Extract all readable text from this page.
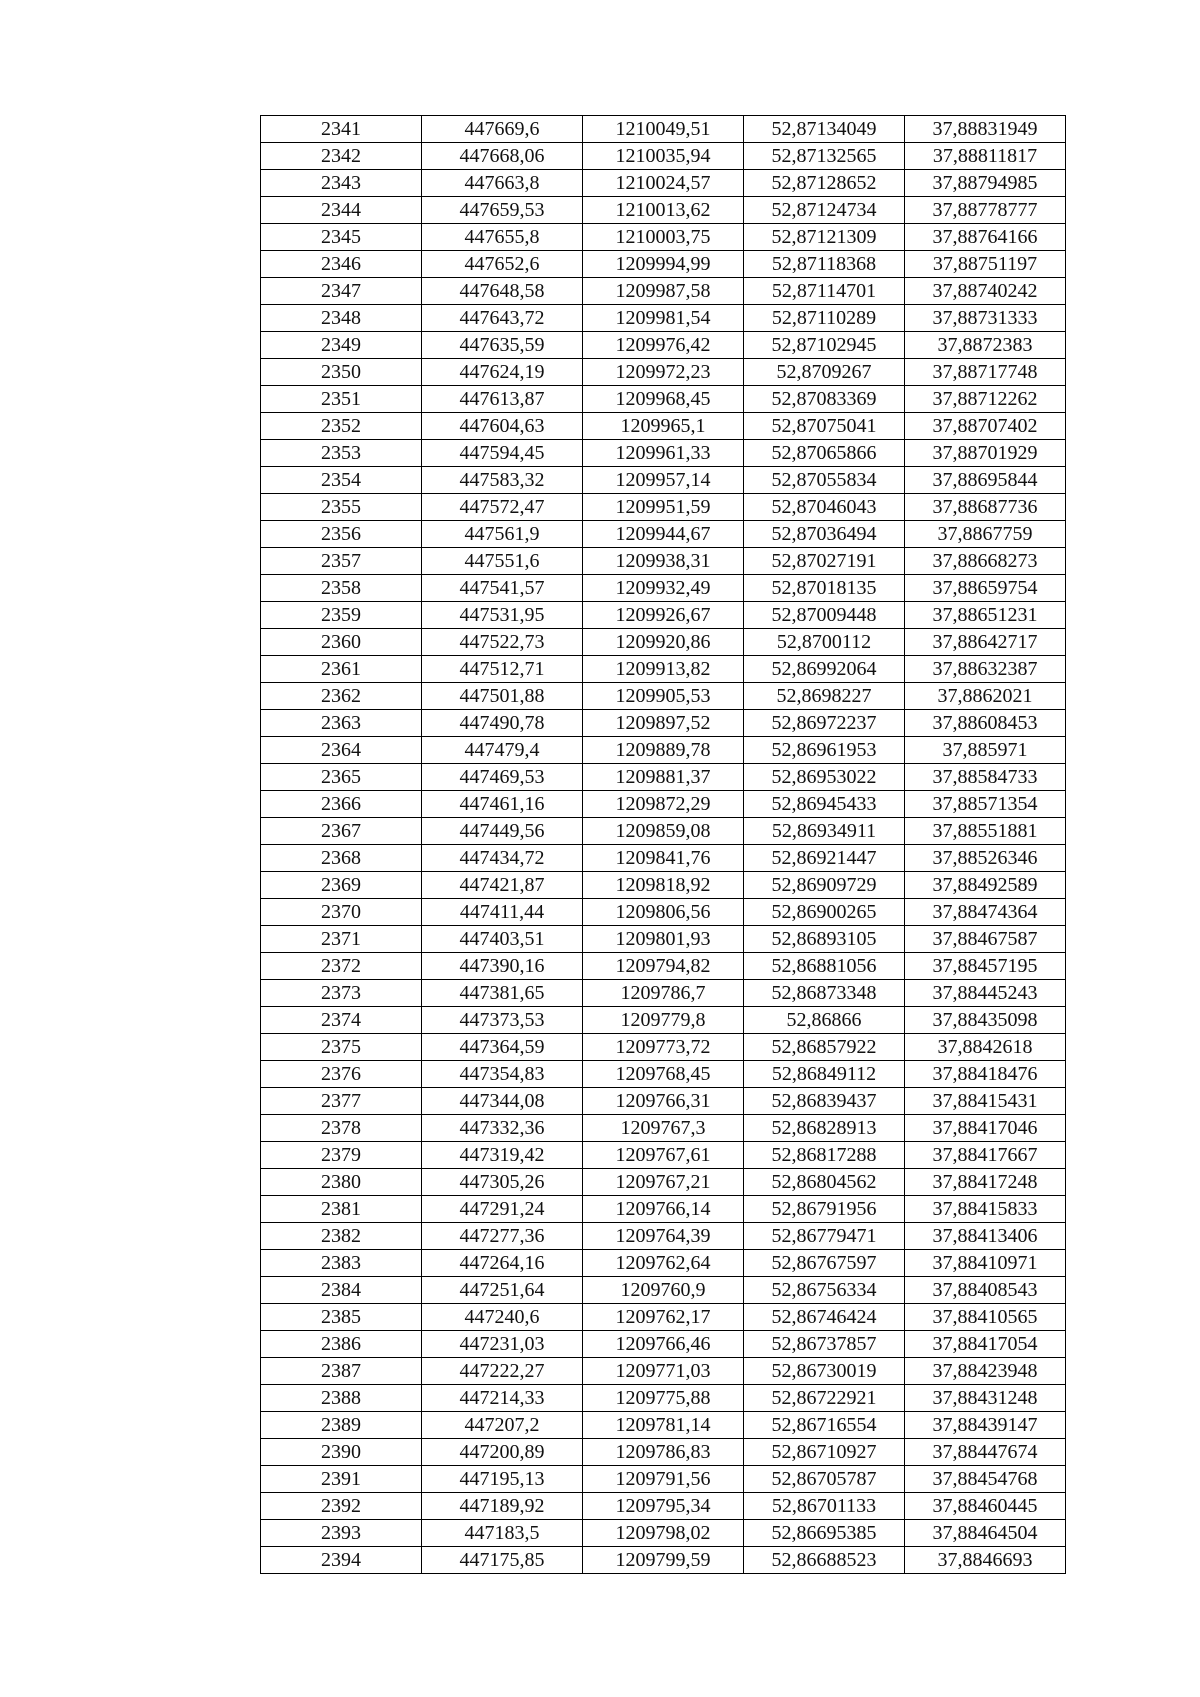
2341	447669,6	1210049,51	52,87134049	37,88831949
2342	447668,06	1210035,94	52,87132565	37,88811817
2343	447663,8	1210024,57	52,87128652	37,88794985
2344	447659,53	1210013,62	52,87124734	37,88778777
2345	447655,8	1210003,75	52,87121309	37,88764166
2346	447652,6	1209994,99	52,87118368	37,88751197
2347	447648,58	1209987,58	52,87114701	37,88740242
2348	447643,72	1209981,54	52,87110289	37,88731333
2349	447635,59	1209976,42	52,87102945	37,8872383
2350	447624,19	1209972,23	52,8709267	37,88717748
2351	447613,87	1209968,45	52,87083369	37,88712262
2352	447604,63	1209965,1	52,87075041	37,88707402
2353	447594,45	1209961,33	52,87065866	37,88701929
2354	447583,32	1209957,14	52,87055834	37,88695844
2355	447572,47	1209951,59	52,87046043	37,88687736
2356	447561,9	1209944,67	52,87036494	37,8867759
2357	447551,6	1209938,31	52,87027191	37,88668273
2358	447541,57	1209932,49	52,87018135	37,88659754
2359	447531,95	1209926,67	52,87009448	37,88651231
2360	447522,73	1209920,86	52,8700112	37,88642717
2361	447512,71	1209913,82	52,86992064	37,88632387
2362	447501,88	1209905,53	52,8698227	37,8862021
2363	447490,78	1209897,52	52,86972237	37,88608453
2364	447479,4	1209889,78	52,86961953	37,885971
2365	447469,53	1209881,37	52,86953022	37,88584733
2366	447461,16	1209872,29	52,86945433	37,88571354
2367	447449,56	1209859,08	52,86934911	37,88551881
2368	447434,72	1209841,76	52,86921447	37,88526346
2369	447421,87	1209818,92	52,86909729	37,88492589
2370	447411,44	1209806,56	52,86900265	37,88474364
2371	447403,51	1209801,93	52,86893105	37,88467587
2372	447390,16	1209794,82	52,86881056	37,88457195
2373	447381,65	1209786,7	52,86873348	37,88445243
2374	447373,53	1209779,8	52,86866	37,88435098
2375	447364,59	1209773,72	52,86857922	37,8842618
2376	447354,83	1209768,45	52,86849112	37,88418476
2377	447344,08	1209766,31	52,86839437	37,88415431
2378	447332,36	1209767,3	52,86828913	37,88417046
2379	447319,42	1209767,61	52,86817288	37,88417667
2380	447305,26	1209767,21	52,86804562	37,88417248
2381	447291,24	1209766,14	52,86791956	37,88415833
2382	447277,36	1209764,39	52,86779471	37,88413406
2383	447264,16	1209762,64	52,86767597	37,88410971
2384	447251,64	1209760,9	52,86756334	37,88408543
2385	447240,6	1209762,17	52,86746424	37,88410565
2386	447231,03	1209766,46	52,86737857	37,88417054
2387	447222,27	1209771,03	52,86730019	37,88423948
2388	447214,33	1209775,88	52,86722921	37,88431248
2389	447207,2	1209781,14	52,86716554	37,88439147
2390	447200,89	1209786,83	52,86710927	37,88447674
2391	447195,13	1209791,56	52,86705787	37,88454768
2392	447189,92	1209795,34	52,86701133	37,88460445
2393	447183,5	1209798,02	52,86695385	37,88464504
2394	447175,85	1209799,59	52,86688523	37,8846693
